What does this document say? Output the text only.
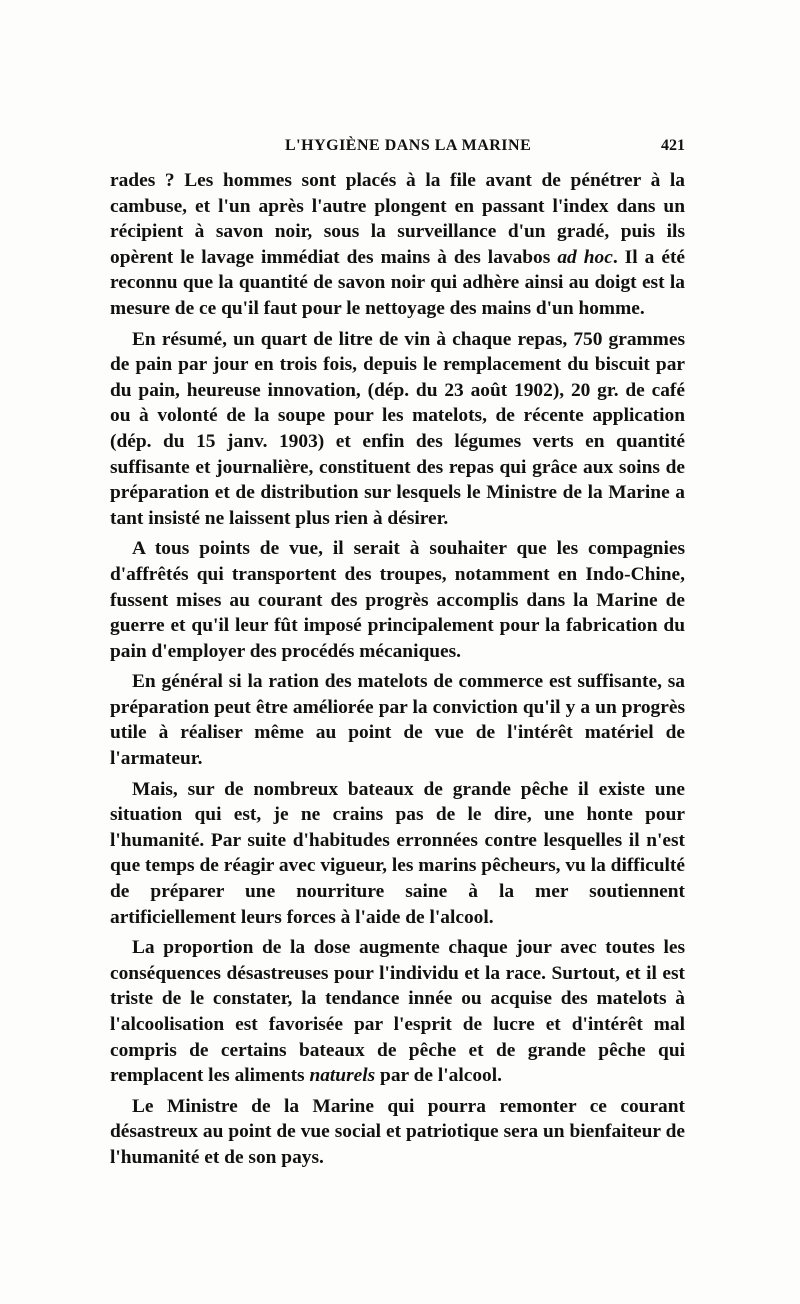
L'HYGIÈNE DANS LA MARINE	421

rades ? Les hommes sont placés à la file avant de pénétrer à la cambuse, et l'un après l'autre plongent en passant l'index dans un récipient à savon noir, sous la surveillance d'un gradé, puis ils opèrent le lavage immédiat des mains à des lavabos ad hoc. Il a été reconnu que la quantité de savon noir qui adhère ainsi au doigt est la mesure de ce qu'il faut pour le nettoyage des mains d'un homme.

En résumé, un quart de litre de vin à chaque repas, 750 grammes de pain par jour en trois fois, depuis le remplacement du biscuit par du pain, heureuse innovation, (dép. du 23 août 1902), 20 gr. de café ou à volonté de la soupe pour les matelots, de récente application (dép. du 15 janv. 1903) et enfin des légumes verts en quantité suffisante et journalière, constituent des repas qui grâce aux soins de préparation et de distribution sur lesquels le Ministre de la Marine a tant insisté ne laissent plus rien à désirer.

A tous points de vue, il serait à souhaiter que les compagnies d'affrêtés qui transportent des troupes, notamment en Indo-Chine, fussent mises au courant des progrès accomplis dans la Marine de guerre et qu'il leur fût imposé principalement pour la fabrication du pain d'employer des procédés mécaniques.

En général si la ration des matelots de commerce est suffisante, sa préparation peut être améliorée par la conviction qu'il y a un progrès utile à réaliser même au point de vue de l'intérêt matériel de l'armateur.

Mais, sur de nombreux bateaux de grande pêche il existe une situation qui est, je ne crains pas de le dire, une honte pour l'humanité. Par suite d'habitudes erronnées contre lesquelles il n'est que temps de réagir avec vigueur, les marins pêcheurs, vu la difficulté de préparer une nourriture saine à la mer soutiennent artificiellement leurs forces à l'aide de l'alcool.

La proportion de la dose augmente chaque jour avec toutes les conséquences désastreuses pour l'individu et la race. Surtout, et il est triste de le constater, la tendance innée ou acquise des matelots à l'alcoolisation est favorisée par l'esprit de lucre et d'intérêt mal compris de certains bateaux de pêche et de grande pêche qui remplacent les aliments naturels par de l'alcool.

Le Ministre de la Marine qui pourra remonter ce courant désastreux au point de vue social et patriotique sera un bienfaiteur de l'humanité et de son pays.
